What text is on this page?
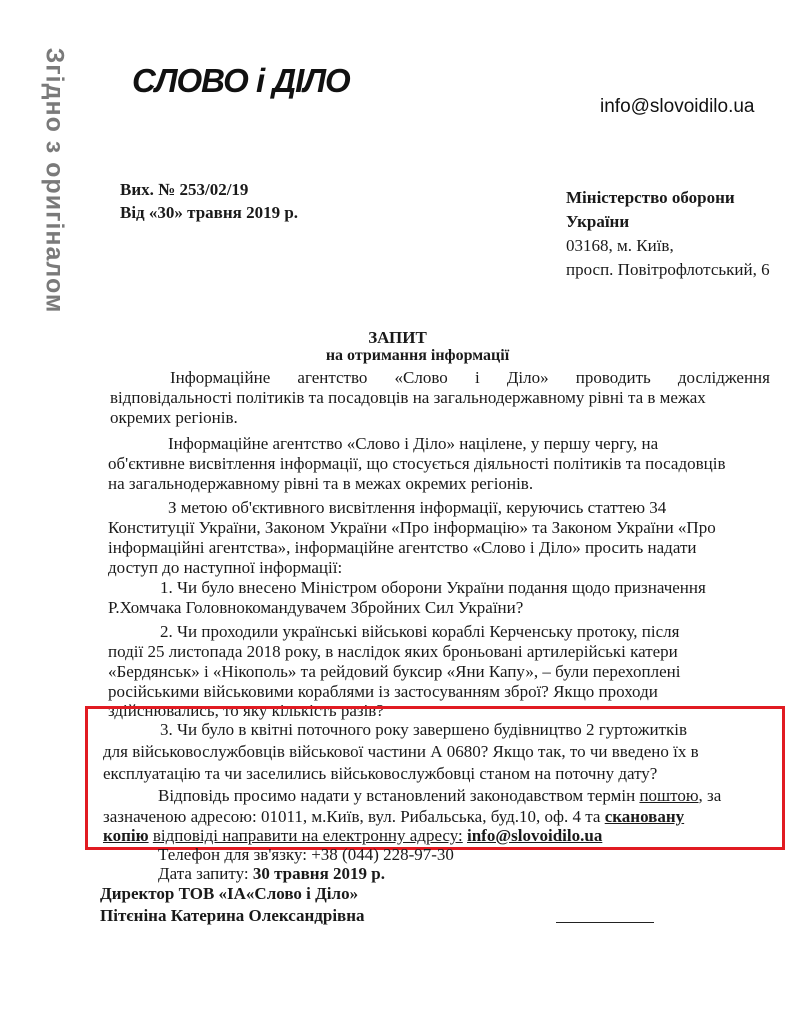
Згідно з оригіналом СЛОВО і ДІЛО
info@slovoidilo.ua
Вих. № 253/02/19
Від «30» травня 2019 р.
Міністерство оборони
України
03168, м. Київ,
просп. Повітрофлотський, 6
ЗАПИТ
на отримання інформації
Інформаційне агентство «Слово і Діло» проводить дослідження
відповідальності політиків та посадовців на загальнодержавному рівні та в межах
окремих регіонів.
Інформаційне агентство «Слово і Діло» націлене, у першу чергу, на
об'єктивне висвітлення інформації, що стосується діяльності політиків та посадовців
на загальнодержавному рівні та в межах окремих регіонів.
З метою об'єктивного висвітлення інформації, керуючись статтею 34
Конституції України, Законом України «Про інформацію» та Законом України «Про
інформаційні агентства», інформаційне агентство «Слово і Діло» просить надати
доступ до наступної інформації:
1. Чи було внесено Міністром оборони України подання щодо призначення
Р.Хомчака Головнокомандувачем Збройних Сил України?
2. Чи проходили українські військові кораблі Керченську протоку, після
події 25 листопада 2018 року, в наслідок яких броньовані артилерійські катери
«Бердянськ» і «Нікополь» та рейдовий буксир «Яни Капу», – були перехоплені
російськими військовими кораблями із застосуванням зброї? Якщо проходи
здійснювались, то яку кількість разів?
3. Чи було в квітні поточного року завершено будівництво 2 гуртожитків
для військовослужбовців військової частини А 0680? Якщо так, то чи введено їх в
експлуатацію та чи заселились військовослужбовці станом на поточну дату?
Відповідь просимо надати у встановлений законодавством термін поштою, за
зазначеною адресою: 01011, м.Київ, вул. Рибальська, буд.10, оф. 4 та скановану
копію відповіді направити на електронну адресу: info@slovoidilo.ua
Телефон для зв'язку: +38 (044) 228-97-30
Дата запиту: 30 травня 2019 р.
Директор ТОВ «ІА«Слово і Діло»
Пітєніна Катерина Олександрівна
